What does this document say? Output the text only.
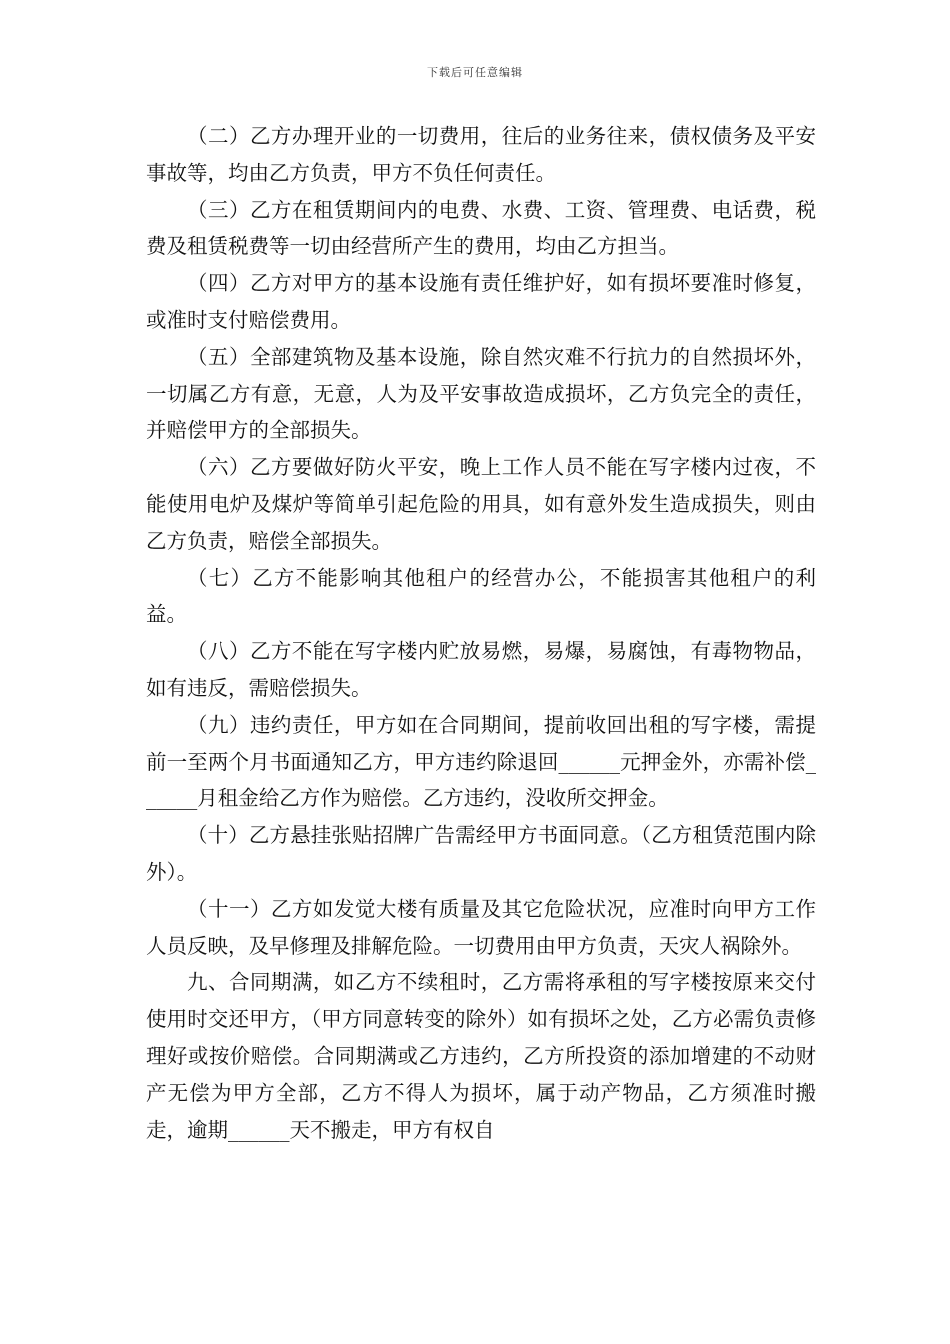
下载后可任意编辑

（二）乙方办理开业的一切费用，往后的业务往来，债权债务及平安事故等，均由乙方负责，甲方不负任何责任。

（三）乙方在租赁期间内的电费、水费、工资、管理费、电话费，税费及租赁税费等一切由经营所产生的费用，均由乙方担当。

（四）乙方对甲方的基本设施有责任维护好，如有损坏要准时修复，或准时支付赔偿费用。

（五）全部建筑物及基本设施，除自然灾难不行抗力的自然损坏外，一切属乙方有意，无意，人为及平安事故造成损坏，乙方负完全的责任，并赔偿甲方的全部损失。

（六）乙方要做好防火平安，晚上工作人员不能在写字楼内过夜，不能使用电炉及煤炉等简单引起危险的用具，如有意外发生造成损失，则由乙方负责，赔偿全部损失。

（七）乙方不能影响其他租户的经营办公，不能损害其他租户的利益。

（八）乙方不能在写字楼内贮放易燃，易爆，易腐蚀，有毒物物品，如有违反，需赔偿损失。

（九）违约责任，甲方如在合同期间，提前收回出租的写字楼，需提前一至两个月书面通知乙方，甲方违约除退回______元押金外，亦需补偿______月租金给乙方作为赔偿。乙方违约，没收所交押金。

（十）乙方悬挂张贴招牌广告需经甲方书面同意。（乙方租赁范围内除外）。

（十一）乙方如发觉大楼有质量及其它危险状况，应准时向甲方工作人员反映，及早修理及排解危险。一切费用由甲方负责，天灾人祸除外。

九、合同期满，如乙方不续租时，乙方需将承租的写字楼按原来交付使用时交还甲方，（甲方同意转变的除外）如有损坏之处，乙方必需负责修理好或按价赔偿。合同期满或乙方违约，乙方所投资的添加增建的不动财产无偿为甲方全部，乙方不得人为损坏，属于动产物品，乙方须准时搬走，逾期______天不搬走，甲方有权自
